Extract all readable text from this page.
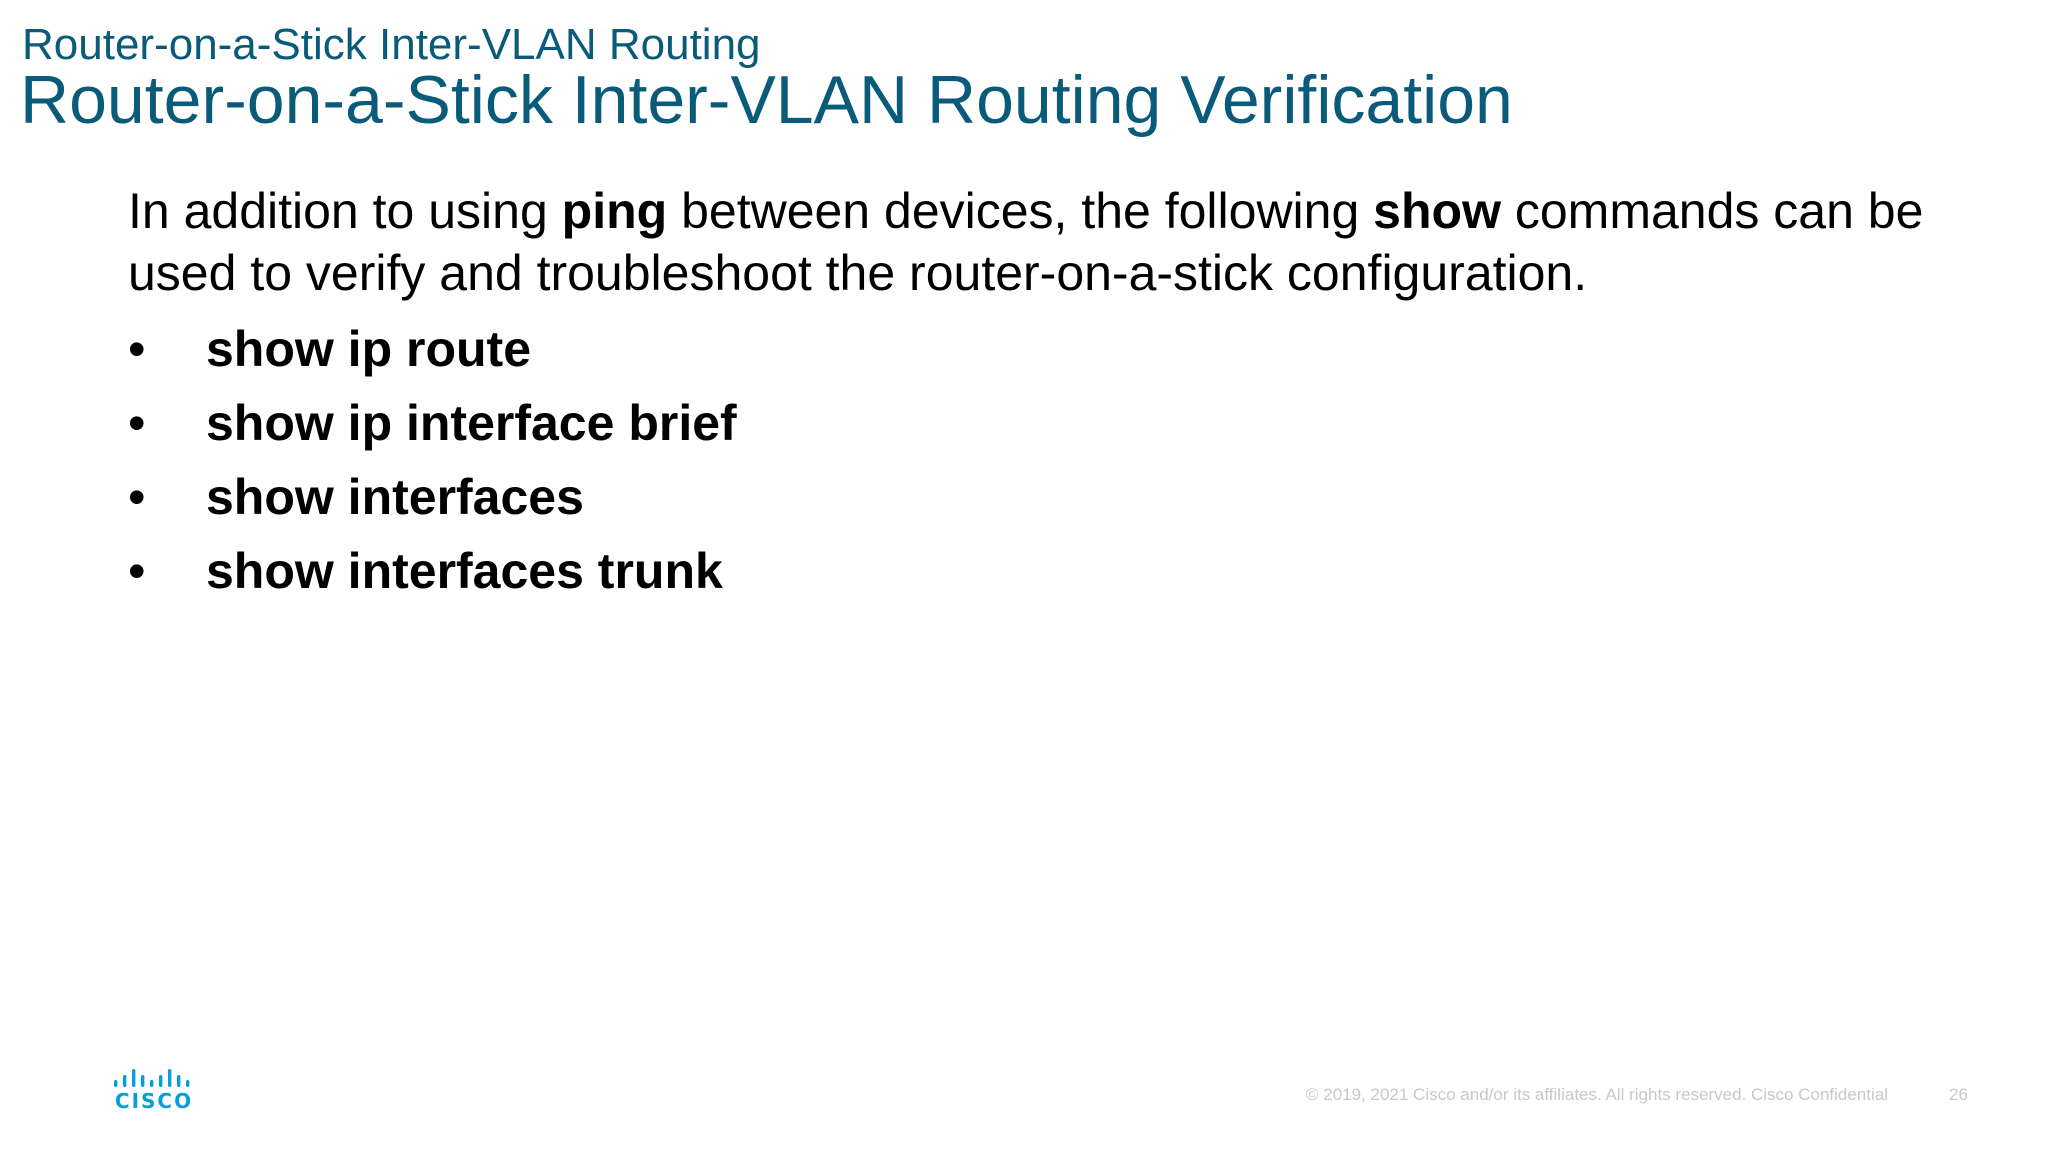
Router-on-a-Stick Inter-VLAN Routing
Router-on-a-Stick Inter-VLAN Routing Verification

In addition to using ping between devices, the following show commands can be used to verify and troubleshoot the router-on-a-stick configuration.

•	show ip route
•	show ip interface brief
•	show interfaces
•	show interfaces trunk
CISCO	© 2019, 2021 Cisco and/or its affiliates. All rights reserved. Cisco Confidential	26
